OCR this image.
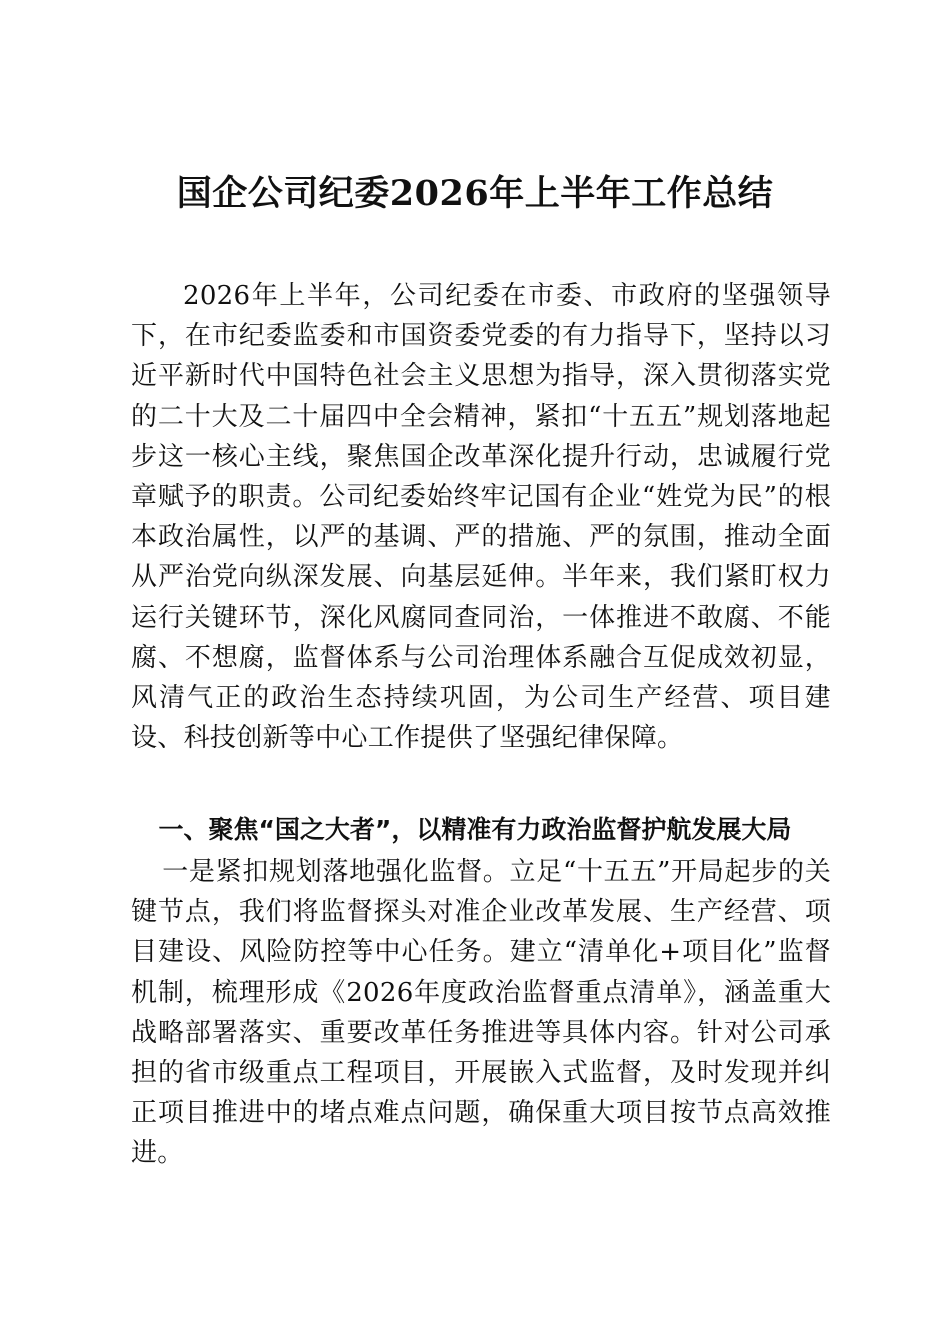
国企公司纪委2026年上半年工作总结

2026年上半年，公司纪委在市委、市政府的坚强领导下，在市纪委监委和市国资委党委的有力指导下，坚持以习近平新时代中国特色社会主义思想为指导，深入贯彻落实党的二十大及二十届四中全会精神，紧扣“十五五”规划落地起步这一核心主线，聚焦国企改革深化提升行动，忠诚履行党章赋予的职责。公司纪委始终牢记国有企业“姓党为民”的根本政治属性，以严的基调、严的措施、严的氛围，推动全面从严治党向纵深发展、向基层延伸。半年来，我们紧盯权力运行关键环节，深化风腐同查同治，一体推进不敢腐、不能腐、不想腐，监督体系与公司治理体系融合互促成效初显，风清气正的政治生态持续巩固，为公司生产经营、项目建设、科技创新等中心工作提供了坚强纪律保障。

一、聚焦“国之大者”，以精准有力政治监督护航发展大局

一是紧扣规划落地强化监督。立足“十五五”开局起步的关键节点，我们将监督探头对准企业改革发展、生产经营、项目建设、风险防控等中心任务。建立“清单化+项目化”监督机制，梳理形成《2026年度政治监督重点清单》，涵盖重大战略部署落实、重要改革任务推进等具体内容。针对公司承担的省市级重点工程项目，开展嵌入式监督，及时发现并纠正项目推进中的堵点难点问题，确保重大项目按节点高效推进。
